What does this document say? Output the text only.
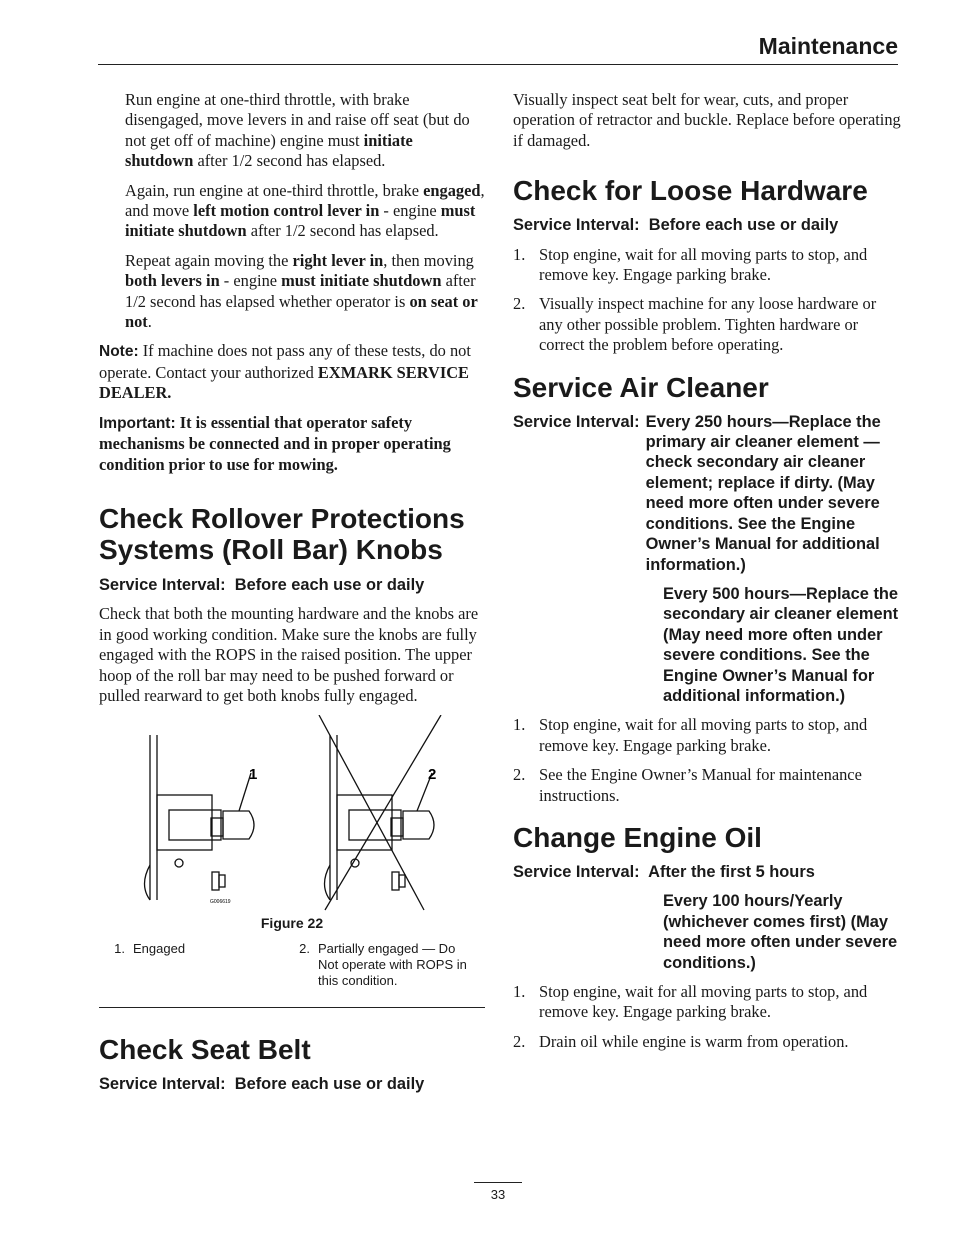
Maintenance

Run engine at one-third throttle, with brake disengaged, move levers in and raise off seat (but do not get off of machine) engine must initiate shutdown after 1/2 second has elapsed.

Again, run engine at one-third throttle, brake engaged, and move left motion control lever in - engine must initiate shutdown after 1/2 second has elapsed.

Repeat again moving the right lever in, then moving both levers in - engine must initiate shutdown after 1/2 second has elapsed whether operator is on seat or not.

Note: If machine does not pass any of these tests, do not operate. Contact your authorized EXMARK SERVICE DEALER.

Important: It is essential that operator safety mechanisms be connected and in proper operating condition prior to use for mowing.

Check Rollover Protections Systems (Roll Bar) Knobs
Service Interval: Before each use or daily

Check that both the mounting hardware and the knobs are in good working condition. Make sure the knobs are fully engaged with the ROPS in the raised position. The upper hoop of the roll bar may need to be pushed forward or pulled rearward to get both knobs fully engaged.

1	2
G006619
Figure 22
1. Engaged	2. Partially engaged — Do Not operate with ROPS in this condition.
Check Seat Belt
Service Interval: Before each use or daily

Visually inspect seat belt for wear, cuts, and proper operation of retractor and buckle. Replace before operating if damaged.

Check for Loose Hardware
Service Interval: Before each use or daily
1. Stop engine, wait for all moving parts to stop, and remove key. Engage parking brake.
2. Visually inspect machine for any loose hardware or any other possible problem. Tighten hardware or correct the problem before operating.
Service Air Cleaner
Service Interval: Every 250 hours—Replace the primary air cleaner element — check secondary air cleaner element; replace if dirty. (May need more often under severe conditions. See the Engine Owner’s Manual for additional information.)
Every 500 hours—Replace the secondary air cleaner element (May need more often under severe conditions. See the Engine Owner’s Manual for additional information.)
1. Stop engine, wait for all moving parts to stop, and remove key. Engage parking brake.
2. See the Engine Owner’s Manual for maintenance instructions.
Change Engine Oil
Service Interval: After the first 5 hours
Every 100 hours/Yearly (whichever comes first) (May need more often under severe conditions.)
1. Stop engine, wait for all moving parts to stop, and remove key. Engage parking brake.
2. Drain oil while engine is warm from operation.
33
